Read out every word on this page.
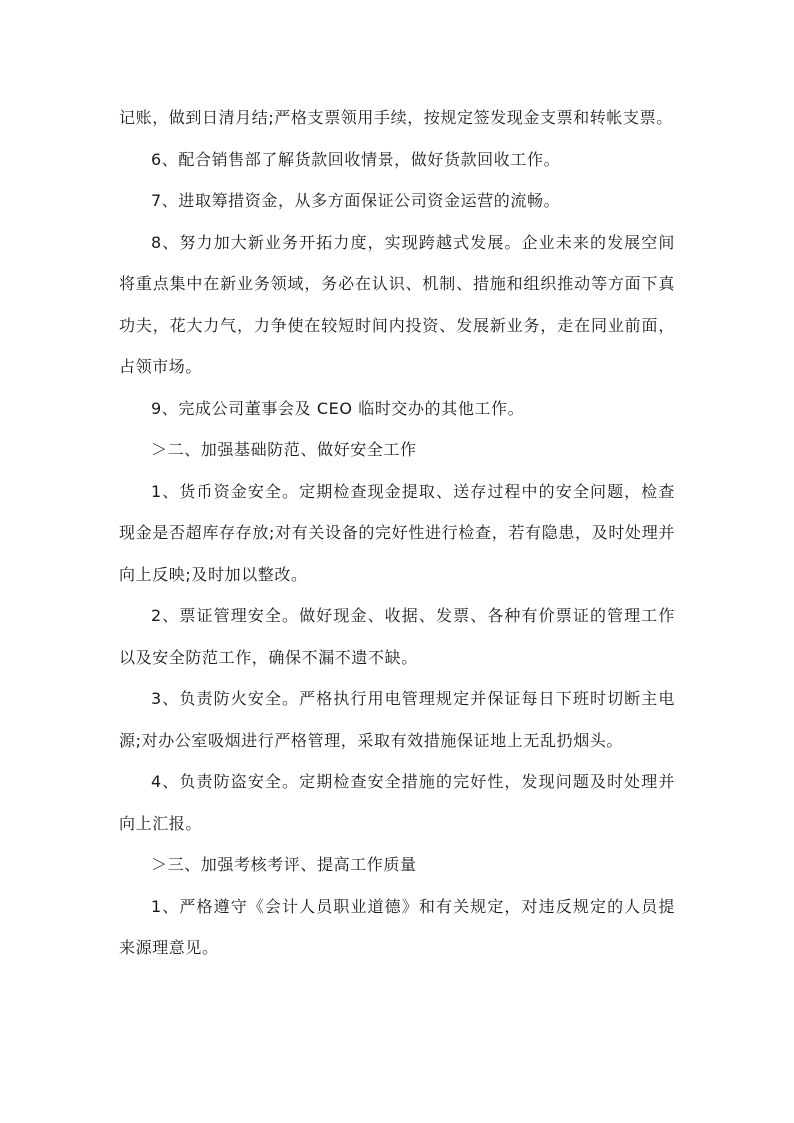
记账，做到日清月结;严格支票领用手续，按规定签发现金支票和转帐支票。

6、配合销售部了解货款回收情景，做好货款回收工作。

7、进取筹措资金，从多方面保证公司资金运营的流畅。

8、努力加大新业务开拓力度，实现跨越式发展。企业未来的发展空间将重点集中在新业务领域，务必在认识、机制、措施和组织推动等方面下真功夫，花大力气，力争使在较短时间内投资、发展新业务，走在同业前面，占领市场。

9、完成公司董事会及 CEO 临时交办的其他工作。

＞二、加强基础防范、做好安全工作

1、货币资金安全。定期检查现金提取、送存过程中的安全问题，检查现金是否超库存存放;对有关设备的完好性进行检查，若有隐患，及时处理并向上反映;及时加以整改。

2、票证管理安全。做好现金、收据、发票、各种有价票证的管理工作以及安全防范工作，确保不漏不遗不缺。

3、负责防火安全。严格执行用电管理规定并保证每日下班时切断主电源;对办公室吸烟进行严格管理，采取有效措施保证地上无乱扔烟头。

4、负责防盗安全。定期检查安全措施的完好性，发现问题及时处理并向上汇报。

＞三、加强考核考评、提高工作质量

1、严格遵守《会计人员职业道德》和有关规定，对违反规定的人员提来源理意见。
